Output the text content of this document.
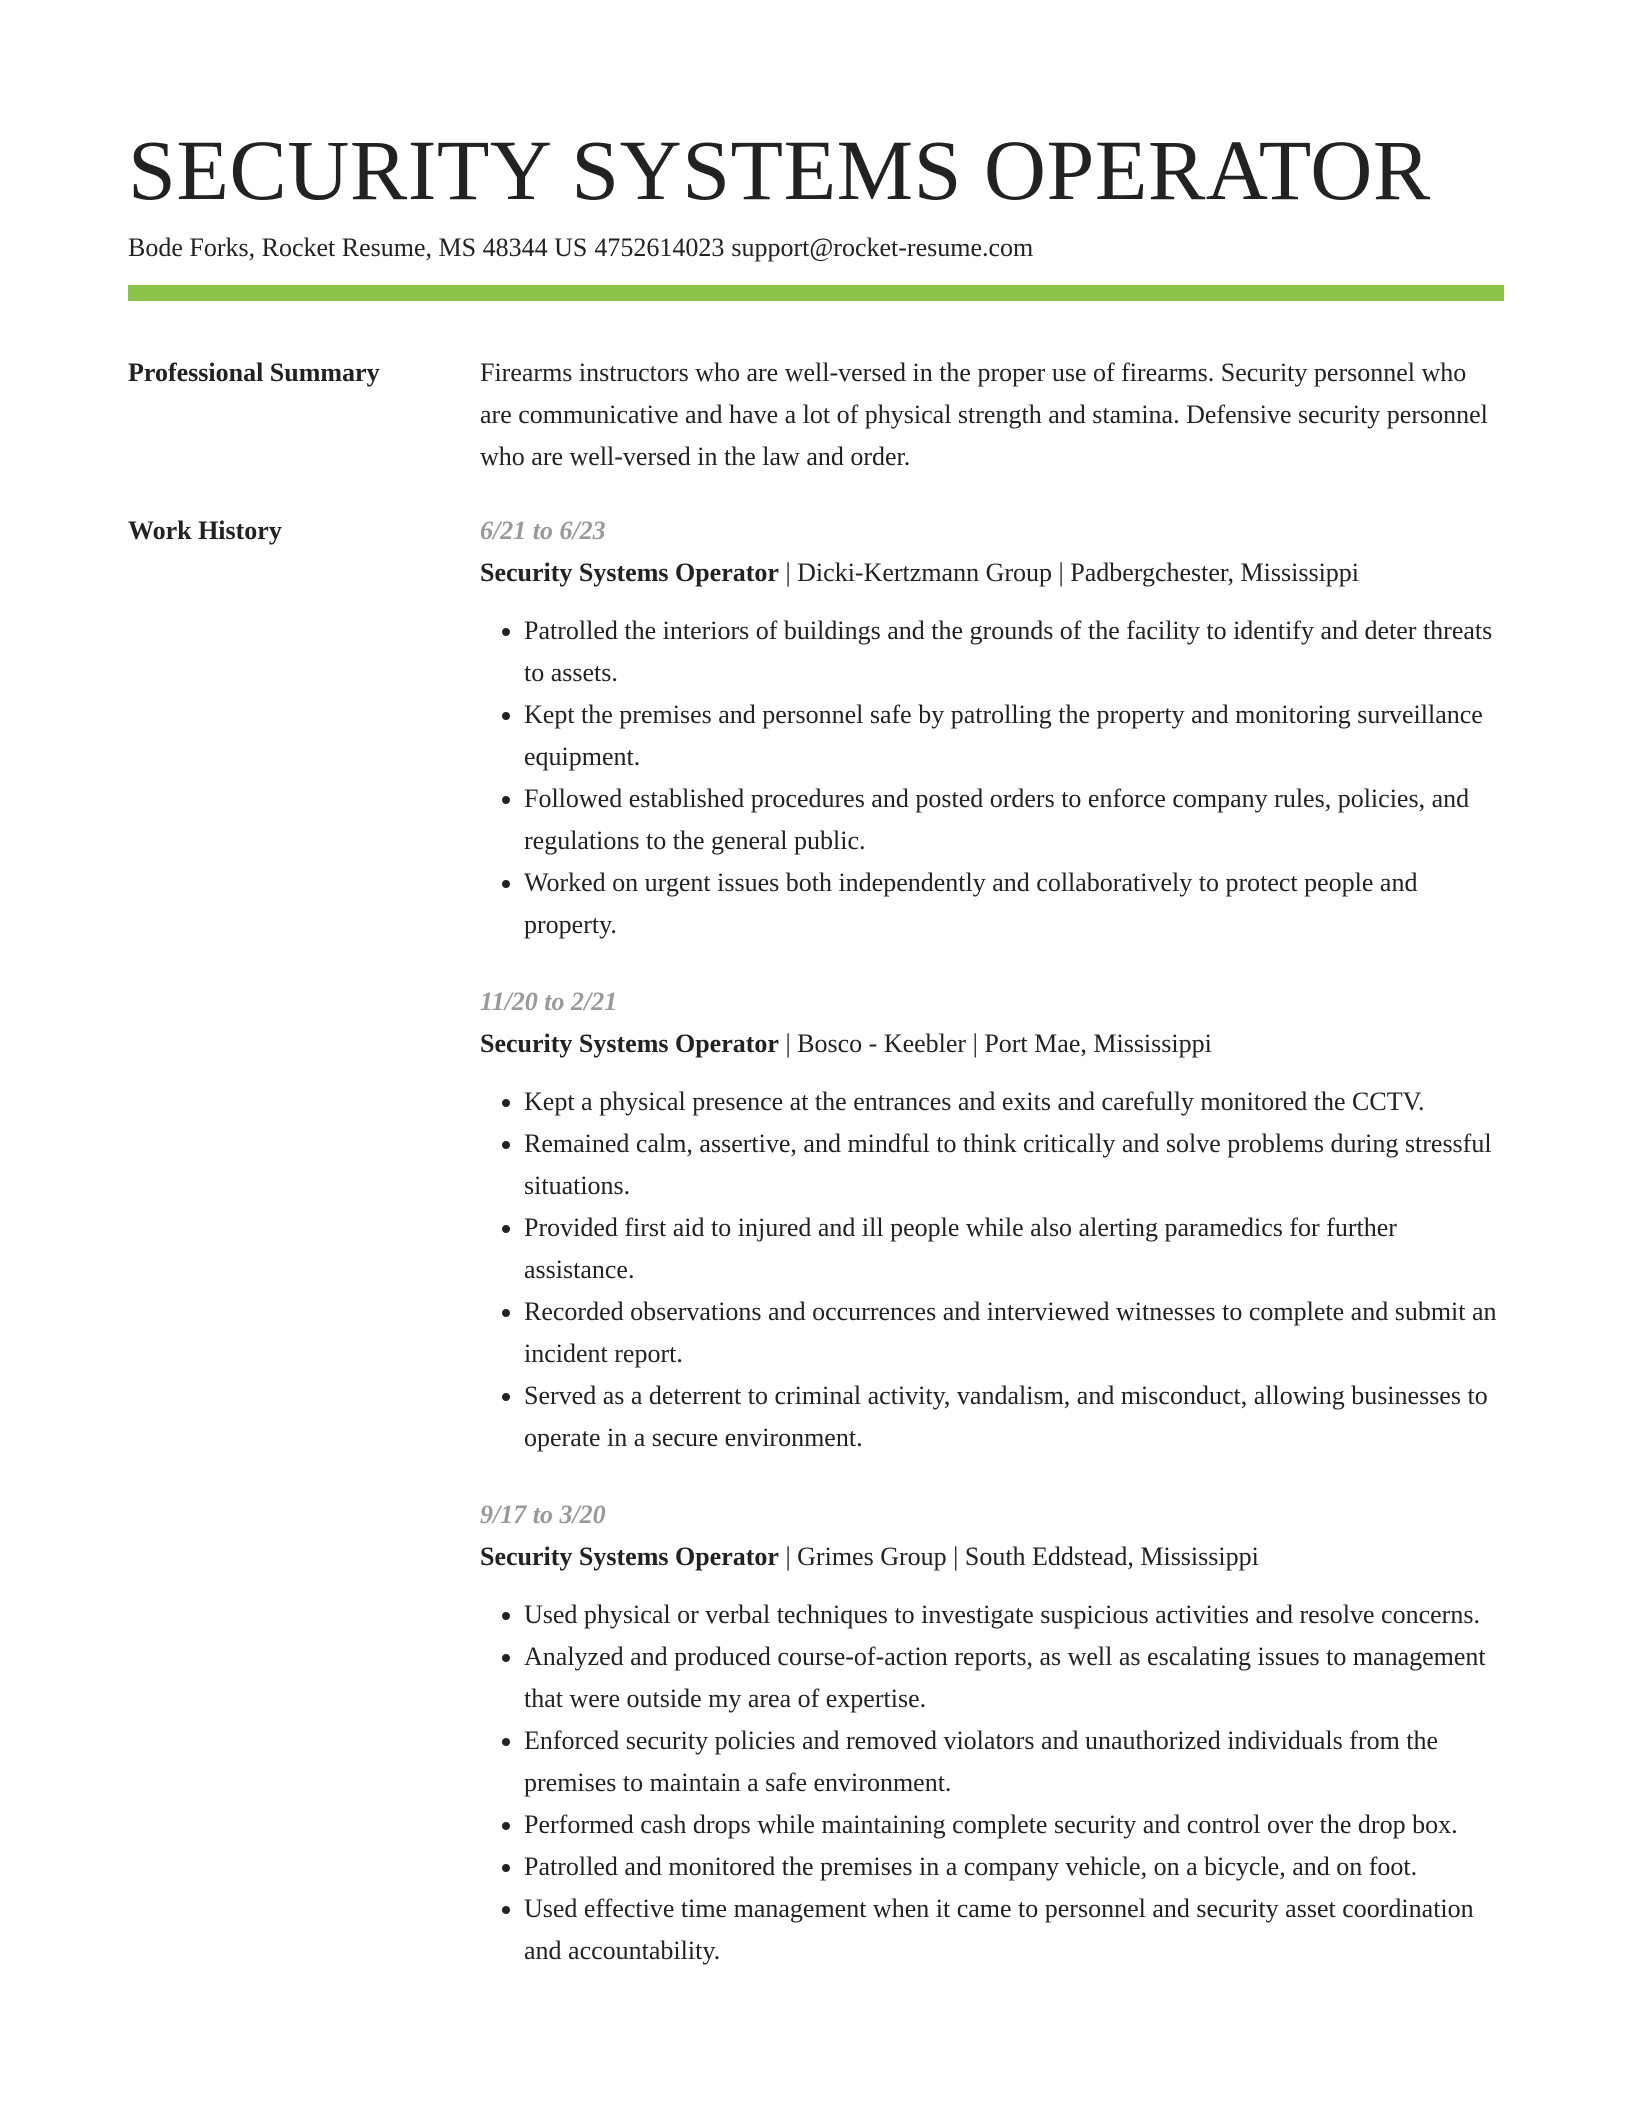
SECURITY SYSTEMS OPERATOR
Bode Forks, Rocket Resume, MS 48344 US 4752614023 support@rocket-resume.com
Professional Summary	Firearms instructors who are well-versed in the proper use of firearms. Security personnel who are communicative and have a lot of physical strength and stamina. Defensive security personnel who are well-versed in the law and order.

Work History	6/21 to 6/23
Security Systems Operator | Dicki-Kertzmann Group | Padbergchester, Mississippi
• Patrolled the interiors of buildings and the grounds of the facility to identify and deter threats to assets.
• Kept the premises and personnel safe by patrolling the property and monitoring surveillance equipment.
• Followed established procedures and posted orders to enforce company rules, policies, and regulations to the general public.
• Worked on urgent issues both independently and collaboratively to protect people and property.
11/20 to 2/21
Security Systems Operator | Bosco - Keebler | Port Mae, Mississippi
• Kept a physical presence at the entrances and exits and carefully monitored the CCTV.
• Remained calm, assertive, and mindful to think critically and solve problems during stressful situations.
• Provided first aid to injured and ill people while also alerting paramedics for further assistance.
• Recorded observations and occurrences and interviewed witnesses to complete and submit an incident report.
• Served as a deterrent to criminal activity, vandalism, and misconduct, allowing businesses to operate in a secure environment.
9/17 to 3/20
Security Systems Operator | Grimes Group | South Eddstead, Mississippi
• Used physical or verbal techniques to investigate suspicious activities and resolve concerns.
• Analyzed and produced course-of-action reports, as well as escalating issues to management that were outside my area of expertise.
• Enforced security policies and removed violators and unauthorized individuals from the premises to maintain a safe environment.
• Performed cash drops while maintaining complete security and control over the drop box.
• Patrolled and monitored the premises in a company vehicle, on a bicycle, and on foot.
• Used effective time management when it came to personnel and security asset coordination and accountability.
